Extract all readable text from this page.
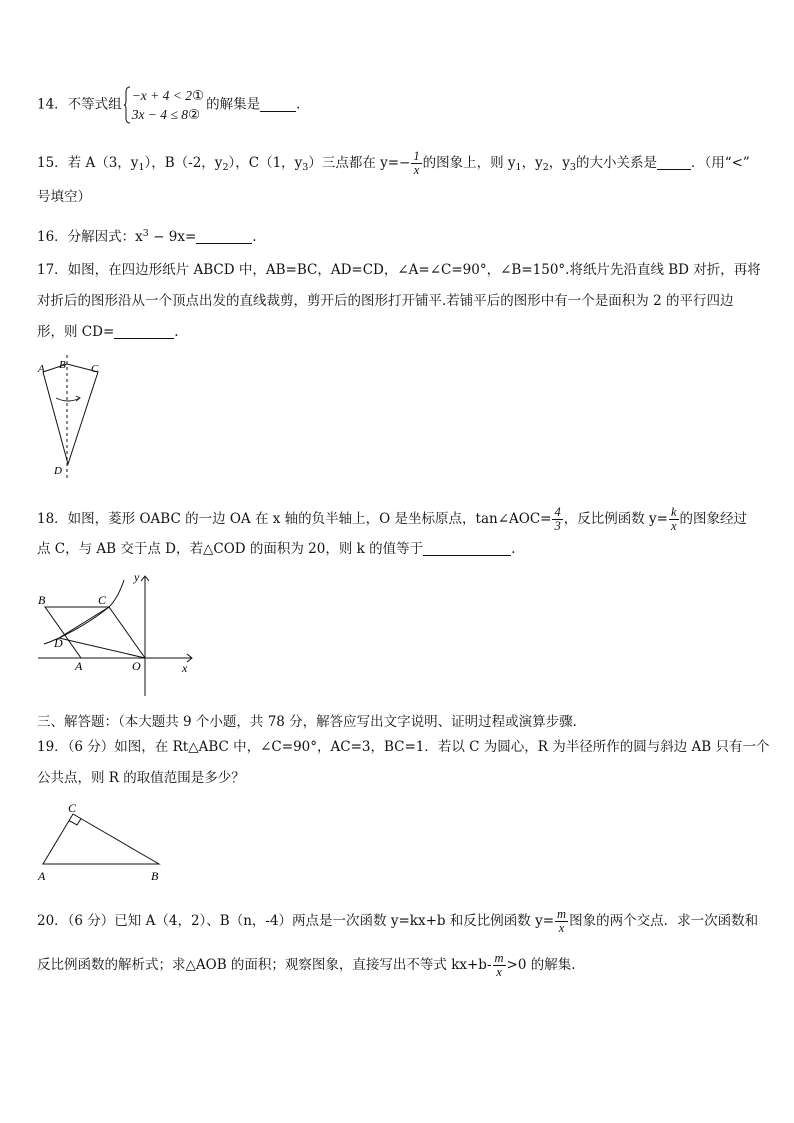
14．不等式组
−x + 4 < 2①
3x − 4 ≤ 8②
的解集是	．
15．若 A（3，$y_1$），B（-2，$y_2$），C（1，$y_3$）三点都在 $y=- \frac{1}{x}$ 的图象上，则 $y_1$，$y_2$，$y_3$的大小关系是	．（用“<”
号填空）
16．分解因式：$x^3 - 9x=$	.
17．如图，在四边形纸片 ABCD 中，AB=BC，AD=CD，∠A=∠C=90°，∠B=150°.将纸片先沿直线 BD 对折，再将
对折后的图形沿从一个顶点出发的直线裁剪，剪开后的图形打开铺平.若铺平后的图形中有一个是面积为 2 的平行四边
形，则 CD=	.
A B C
D
18．如图，菱形 OABC 的一边 OA 在 x 轴的负半轴上，O 是坐标原点，tan∠AOC= $\frac{4}{3}$ ，反比例函数 $y= \frac{k}{x}$ 的图象经过
点 C，与 AB 交于点 D，若△COD 的面积为 20，则 k 的值等于	.
B	C
D
A	O	x
y
三、解答题：（本大题共 9 个小题，共 78 分，解答应写出文字说明、证明过程或演算步骤．
19．（6 分）如图，在 Rt△ABC 中，∠C=90°，AC=3，BC=1．若以 C 为圆心，R 为半径所作的圆与斜边 AB 只有一个
公共点，则 R 的取值范围是多少？
C
A	B
20．（6 分）已知 A（4，2）、B（n，-4）两点是一次函数 y=kx+b 和反比例函数 $y= \frac{m}{x}$ 图象的两个交点．求一次函数和
反比例函数的解析式；求△AOB 的面积；观察图象，直接写出不等式 $kx+b- \frac{m}{x} >0$ 的解集.
